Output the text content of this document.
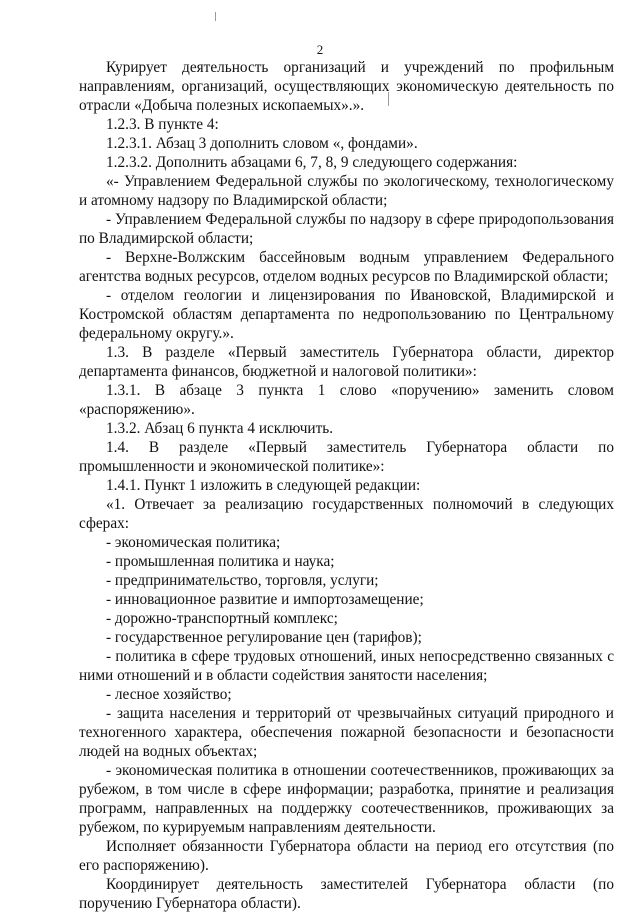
2

Курирует деятельность организаций и учреждений по профильным направлениям, организаций, осуществляющих экономическую деятельность по отрасли «Добыча полезных ископаемых».».

1.2.3. В пункте 4:

1.2.3.1. Абзац 3 дополнить словом «, фондами».

1.2.3.2. Дополнить абзацами 6, 7, 8, 9 следующего содержания:

«- Управлением Федеральной службы по экологическому, технологическому и атомному надзору по Владимирской области;

- Управлением Федеральной службы по надзору в сфере природопользования по Владимирской области;

- Верхне-Волжским бассейновым водным управлением Федерального агентства водных ресурсов, отделом водных ресурсов по Владимирской области;

- отделом геологии и лицензирования по Ивановской, Владимирской и Костромской областям департамента по недропользованию по Центральному федеральному округу.».

1.3. В разделе «Первый заместитель Губернатора области, директор департамента финансов, бюджетной и налоговой политики»:

1.3.1. В абзаце 3 пункта 1 слово «поручению» заменить словом «распоряжению».

1.3.2. Абзац 6 пункта 4 исключить.

1.4. В разделе «Первый заместитель Губернатора области по промышленности и экономической политике»:

1.4.1. Пункт 1 изложить в следующей редакции:

«1. Отвечает за реализацию государственных полномочий в следующих сферах:

- экономическая политика;

- промышленная политика и наука;

- предпринимательство, торговля, услуги;

- инновационное развитие и импортозамещение;

- дорожно-транспортный комплекс;

- государственное регулирование цен (тарифов);

- политика в сфере трудовых отношений, иных непосредственно связанных с ними отношений и в области содействия занятости населения;

- лесное хозяйство;

- защита населения и территорий от чрезвычайных ситуаций природного и техногенного характера, обеспечения пожарной безопасности и безопасности людей на водных объектах;

- экономическая политика в отношении соотечественников, проживающих за рубежом, в том числе в сфере информации; разработка, принятие и реализация программ, направленных на поддержку соотечественников, проживающих за рубежом, по курируемым направлениям деятельности.

Исполняет обязанности Губернатора области на период его отсутствия (по его распоряжению).

Координирует деятельность заместителей Губернатора области (по поручению Губернатора области).
